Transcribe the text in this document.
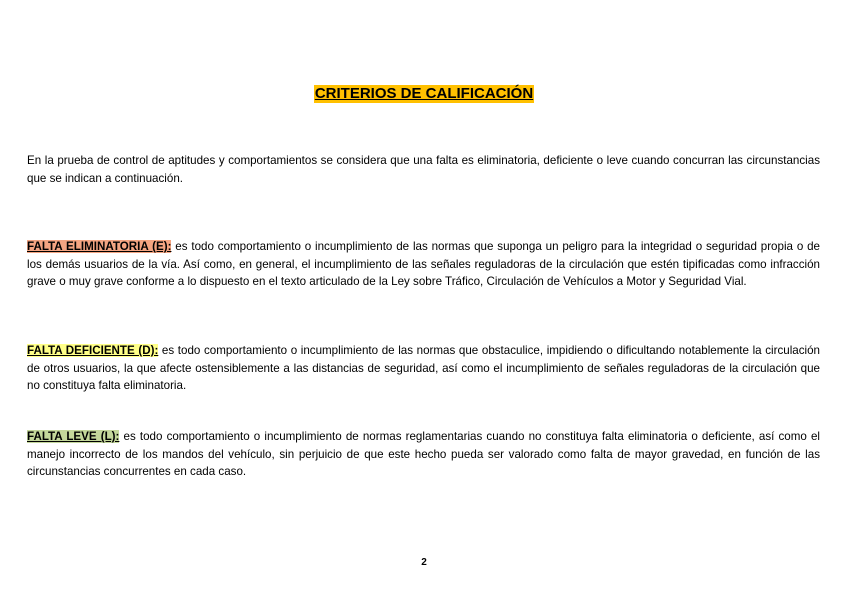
CRITERIOS DE CALIFICACIÓN

En la prueba de control de aptitudes y comportamientos se considera que una falta es eliminatoria, deficiente o leve cuando concurran las circunstancias que se indican a continuación.

FALTA ELIMINATORIA (E): es todo comportamiento o incumplimiento de las normas que suponga un peligro para la integridad o seguridad propia o de los demás usuarios de la vía. Así como, en general, el incumplimiento de las señales reguladoras de la circulación que estén tipificadas como infracción grave o muy grave conforme a lo dispuesto en el texto articulado de la Ley sobre Tráfico, Circulación de Vehículos a Motor y Seguridad Vial.

FALTA DEFICIENTE (D): es todo comportamiento o incumplimiento de las normas que obstaculice, impidiendo o dificultando notablemente la circulación de otros usuarios, la que afecte ostensiblemente a las distancias de seguridad, así como el incumplimiento de señales reguladoras de la circulación que no constituya falta eliminatoria.

FALTA LEVE (L): es todo comportamiento o incumplimiento de normas reglamentarias cuando no constituya falta eliminatoria o deficiente, así como el manejo incorrecto de los mandos del vehículo, sin perjuicio de que este hecho pueda ser valorado como falta de mayor gravedad, en función de las circunstancias concurrentes en cada caso.

2
